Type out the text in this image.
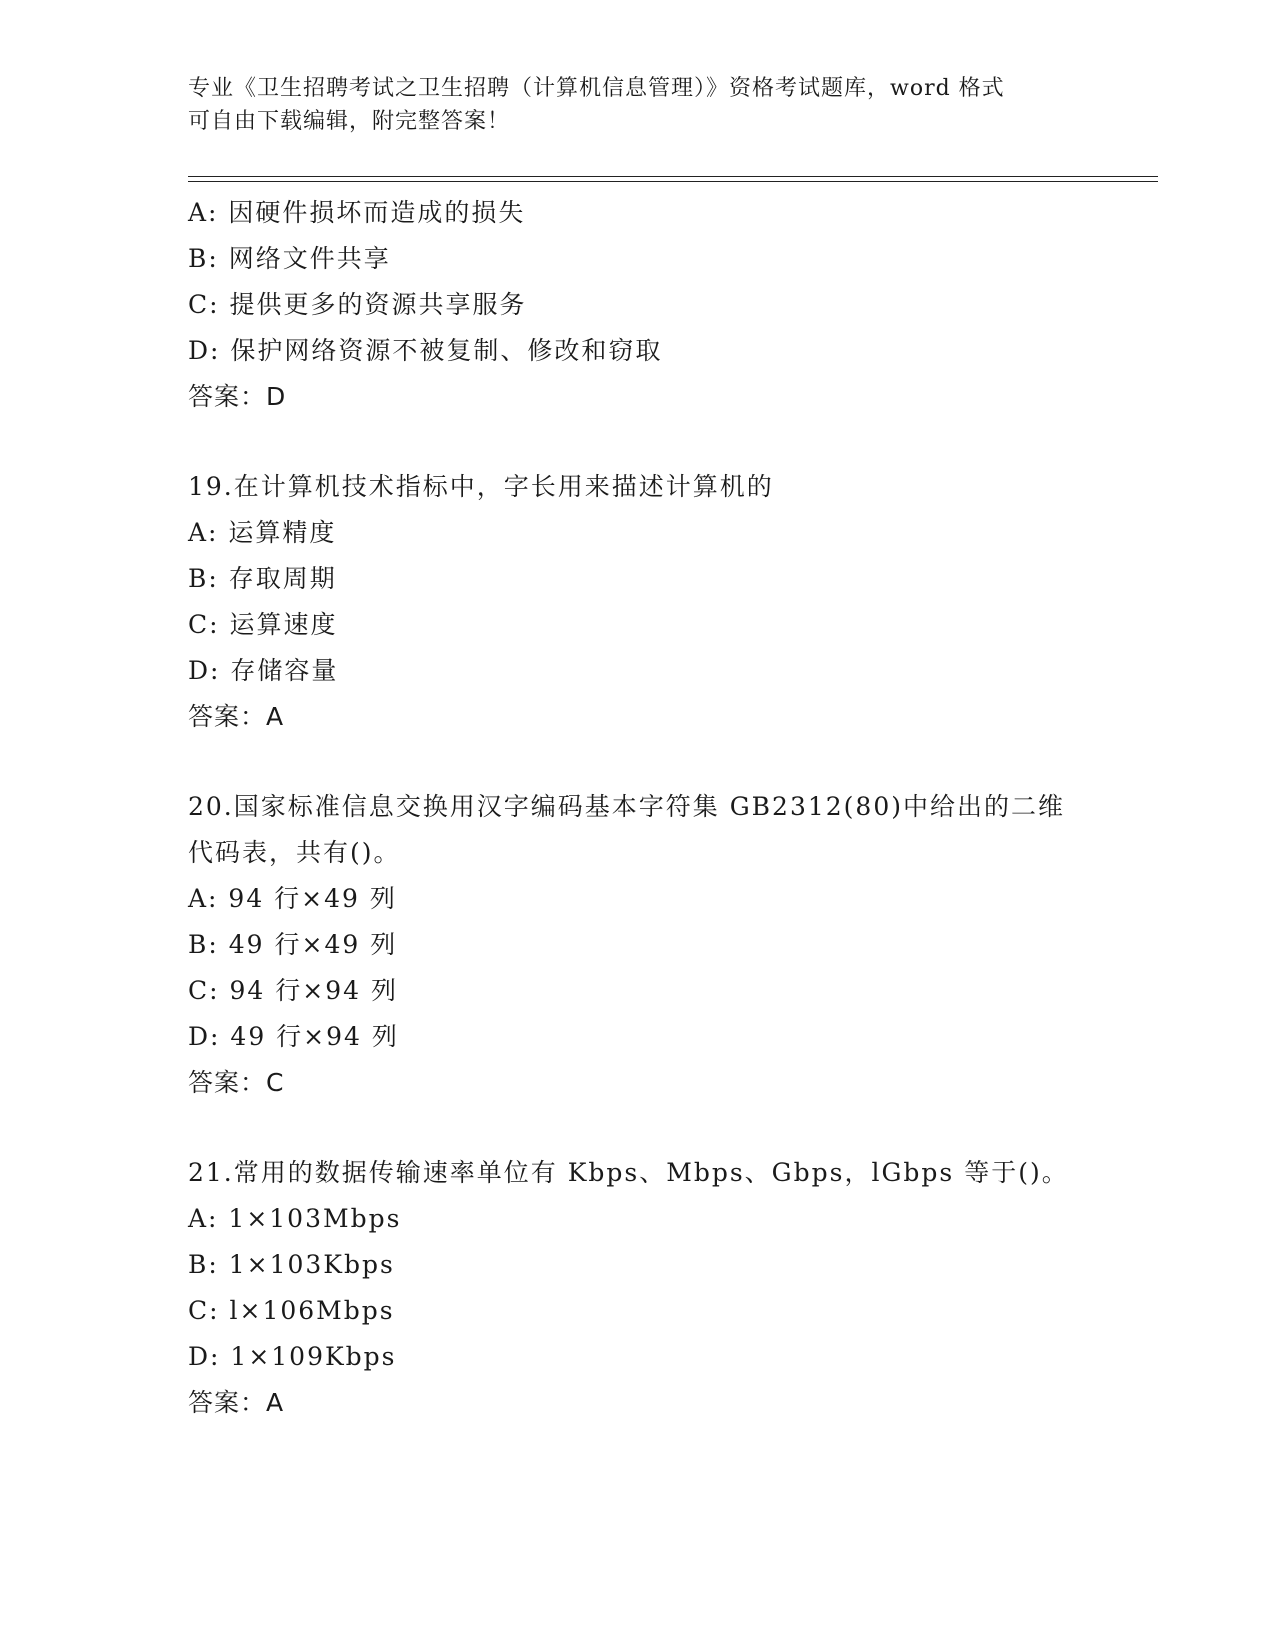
专业《卫生招聘考试之卫生招聘（计算机信息管理）》资格考试题库，word 格式
可自由下载编辑，附完整答案！
A: 因硬件损坏而造成的损失
B: 网络文件共享
C: 提供更多的资源共享服务
D: 保护网络资源不被复制、修改和窃取
答案：D
19.在计算机技术指标中，字长用来描述计算机的
A: 运算精度
B: 存取周期
C: 运算速度
D: 存储容量
答案：A
20.国家标准信息交换用汉字编码基本字符集 GB2312(80)中给出的二维
代码表，共有()。
A: 94 行×49 列
B: 49 行×49 列
C: 94 行×94 列
D: 49 行×94 列
答案：C
21.常用的数据传输速率单位有 Kbps、Mbps、Gbps，lGbps 等于()。
A: 1×103Mbps
B: 1×103Kbps
C: l×106Mbps
D: 1×109Kbps
答案：A
